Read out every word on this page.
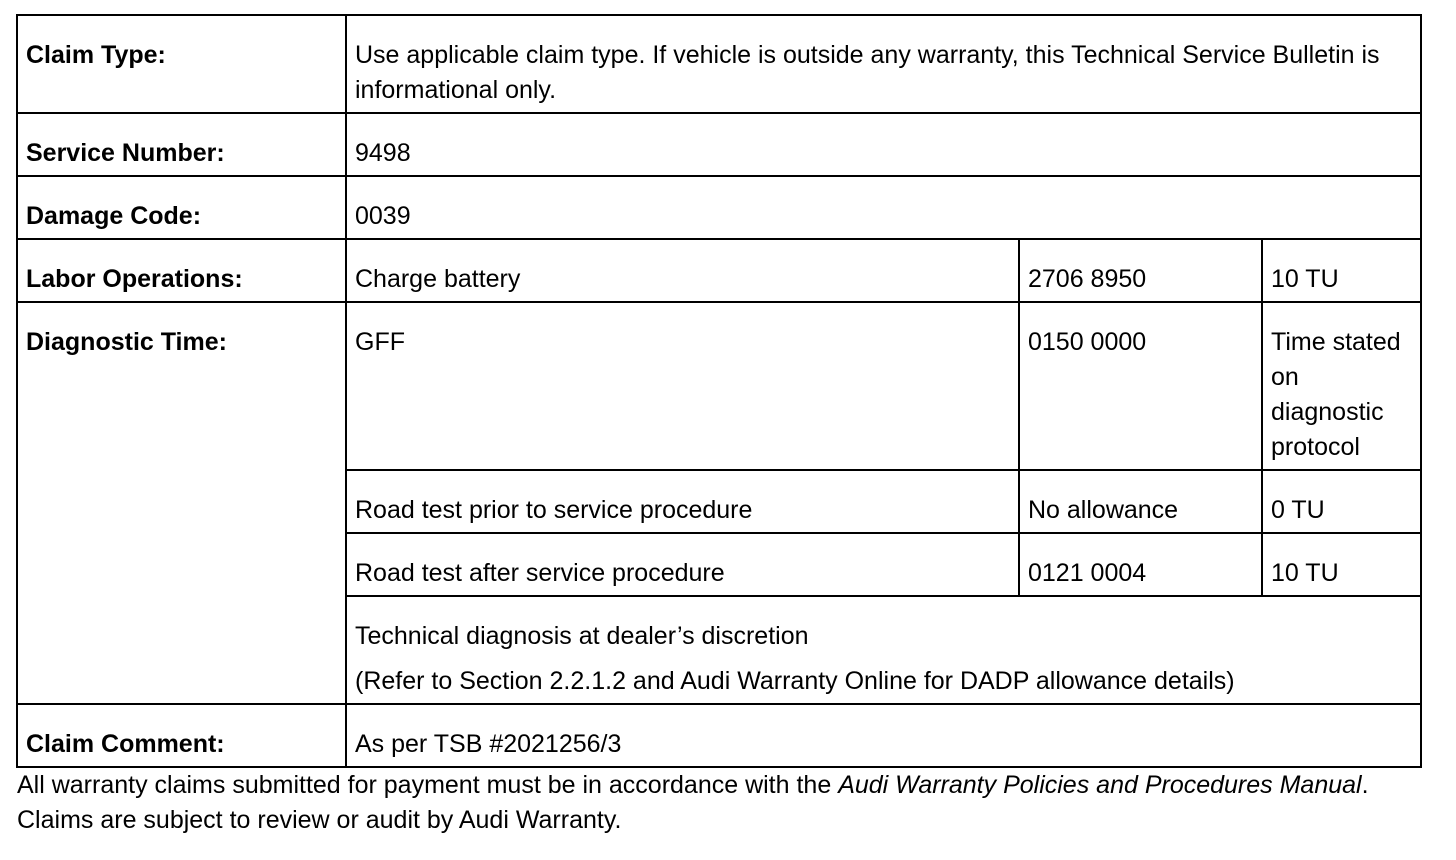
Claim Type:	Use applicable claim type. If vehicle is outside any warranty, this Technical Service Bulletin is informational only.		

Service Number:	9498		

Damage Code:	0039		

Labor Operations:	Charge battery	2706 8950	10 TU

Diagnostic Time:	GFF	0150 0000	Time stated on diagnostic protocol

	Road test prior to service procedure	No allowance	0 TU

	Road test after service procedure	0121 0004	10 TU

	Technical diagnosis at dealer’s discretion
(Refer to Section 2.2.1.2 and Audi Warranty Online for DADP allowance details)		

Claim Comment:	As per TSB #2021256/3		
All warranty claims submitted for payment must be in accordance with the Audi Warranty Policies and Procedures Manual. Claims are subject to review or audit by Audi Warranty.
